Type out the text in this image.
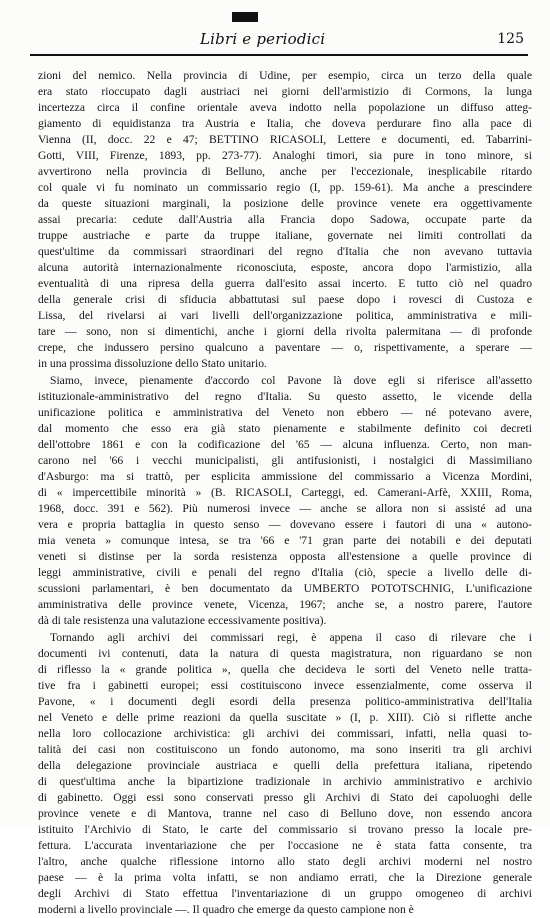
Libri e periodici	125
zioni del nemico. Nella provincia di Udine, per esempio, circa un terzo della quale
era stato rioccupato dagli austriaci nei giorni dell'armistizio di Cormons, la lunga
incertezza circa il confine orientale aveva indotto nella popolazione un diffuso atteg-
giamento di equidistanza tra Austria e Italia, che doveva perdurare fino alla pace di
Vienna (II, docc. 22 e 47; BETTINO RICASOLI, Lettere e documenti, ed. Tabarrini-
Gotti, VIII, Firenze, 1893, pp. 273-77). Analoghi timori, sia pure in tono minore, si
avvertirono nella provincia di Belluno, anche per l'eccezionale, inesplicabile ritardo
col quale vi fu nominato un commissario regio (I, pp. 159-61). Ma anche a prescindere
da queste situazioni marginali, la posizione delle province venete era oggettivamente
assai precaria: cedute dall'Austria alla Francia dopo Sadowa, occupate parte da
truppe austriache e parte da truppe italiane, governate nei limiti controllati da
quest'ultime da commissari straordinari del regno d'Italia che non avevano tuttavia
alcuna autorità internazionalmente riconosciuta, esposte, ancora dopo l'armistizio, alla
eventualità di una ripresa della guerra dall'esito assai incerto. E tutto ciò nel quadro
della generale crisi di sfiducia abbattutasi sul paese dopo i rovesci di Custoza e
Lissa, del rivelarsi ai vari livelli dell'organizzazione politica, amministrativa e mili-
tare — sono, non si dimentichi, anche i giorni della rivolta palermitana — di profonde
crepe, che indussero persino qualcuno a paventare — o, rispettivamente, a sperare —
in una prossima dissoluzione dello Stato unitario.
Siamo, invece, pienamente d'accordo col Pavone là dove egli si riferisce all'assetto
istituzionale-amministrativo del regno d'Italia. Su questo assetto, le vicende della
unificazione politica e amministrativa del Veneto non ebbero — né potevano avere,
dal momento che esso era già stato pienamente e stabilmente definito coi decreti
dell'ottobre 1861 e con la codificazione del '65 — alcuna influenza. Certo, non man-
carono nel '66 i vecchi municipalisti, gli antifusionisti, i nostalgici di Massimiliano
d'Asburgo: ma si trattò, per esplicita ammissione del commissario a Vicenza Mordini,
di « impercettibile minorità » (B. RICASOLI, Carteggi, ed. Camerani-Arfè, XXIII, Roma,
1968, docc. 391 e 562). Più numerosi invece — anche se allora non si assisté ad una
vera e propria battaglia in questo senso — dovevano essere i fautori di una « autono-
mia veneta » comunque intesa, se tra '66 e '71 gran parte dei notabili e dei deputati
veneti si distinse per la sorda resistenza opposta all'estensione a quelle province di
leggi amministrative, civili e penali del regno d'Italia (ciò, specie a livello delle di-
scussioni parlamentari, è ben documentato da UMBERTO POTOTSCHNIG, L'unificazione
amministrativa delle province venete, Vicenza, 1967; anche se, a nostro parere, l'autore
dà di tale resistenza una valutazione eccessivamente positiva).
Tornando agli archivi dei commissari regi, è appena il caso di rilevare che i
documenti ivi contenuti, data la natura di questa magistratura, non riguardano se non
di riflesso la « grande politica », quella che decideva le sorti del Veneto nelle tratta-
tive fra i gabinetti europei; essi costituiscono invece essenzialmente, come osserva il
Pavone, « i documenti degli esordi della presenza politico-amministrativa dell'Italia
nel Veneto e delle prime reazioni da quella suscitate » (I, p. XIII). Ciò si riflette anche
nella loro collocazione archivistica: gli archivi dei commissari, infatti, nella quasi to-
talità dei casi non costituiscono un fondo autonomo, ma sono inseriti tra gli archivi
della delegazione provinciale austriaca e quelli della prefettura italiana, ripetendo
di quest'ultima anche la bipartizione tradizionale in archivio amministrativo e archivio
di gabinetto. Oggi essi sono conservati presso gli Archivi di Stato dei capoluoghi delle
province venete e di Mantova, tranne nel caso di Belluno dove, non essendo ancora
istituito l'Archivio di Stato, le carte del commissario si trovano presso la locale pre-
fettura. L'accurata inventariazione che per l'occasione ne è stata fatta consente, tra
l'altro, anche qualche riflessione intorno allo stato degli archivi moderni nel nostro
paese — è la prima volta infatti, se non andiamo errati, che la Direzione generale
degli Archivi di Stato effettua l'inventariazione di un gruppo omogeneo di archivi
moderni a livello provinciale —. Il quadro che emerge da questo campione non è
